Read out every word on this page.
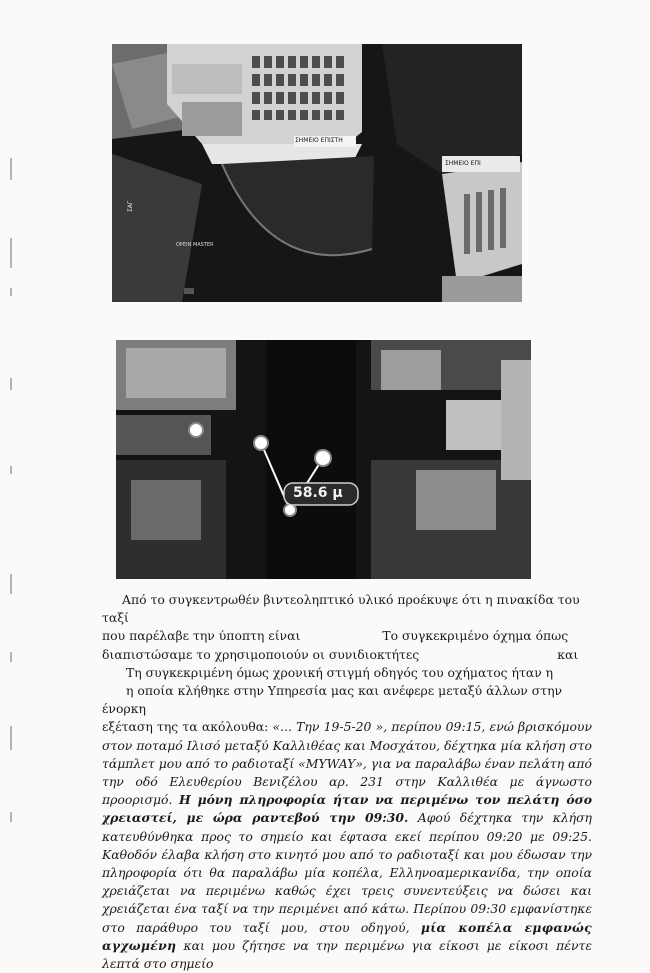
ΣΗΜΕΙΟ ΕΠΙΣΤΗ
ΣΗΜΕΙΟ ΕΠΙ
OPEIN MASTER
ΣΑΓ
58.6 μ

Από το συγκεντρωθέν βιντεοληπτικό υλικό προέκυψε ότι η πινακίδα του ταξί

που παρέλαβε την ύποπτη είναι	Το συγκεκριμένο όχημα όπως

διαπιστώσαμε το χρησιμοποιούν οι συνιδιοκτήτες	και

Τη συγκεκριμένη όμως χρονική στιγμή οδηγός του οχήματος ήταν η

η οποία κλήθηκε στην Υπηρεσία μας και ανέφερε μεταξύ άλλων στην ένορκη

εξέταση της τα ακόλουθα: «... Την 19-5-20 », περίπου 09:15, ενώ βρισκόμουν στον ποταμό Ιλισό μεταξύ Καλλιθέας και Μοσχάτου, δέχτηκα μία κλήση στο τάμπλετ μου από το ραδιοταξί «MYWAY», για να παραλάβω έναν πελάτη από την οδό Ελευθερίου Βενιζέλου αρ. 231 στην Καλλιθέα με άγνωστο προορισμό. Η μόνη πληροφορία ήταν να περιμένω τον πελάτη όσο χρειαστεί, με ώρα ραντεβού την 09:30. Αφού δέχτηκα την κλήση κατευθύνθηκα προς το σημείο και έφτασα εκεί περίπου 09:20 με 09:25. Καθοδόν έλαβα κλήση στο κινητό μου από το ραδιοταξί και μου έδωσαν την πληροφορία ότι θα παραλάβω μία κοπέλα, Ελληνοαμερικανίδα, την οποία χρειάζεται να περιμένω καθώς έχει τρεις συνεντεύξεις να δώσει και χρειάζεται ένα ταξί να την περιμένει από κάτω. Περίπου 09:30 εμφανίστηκε στο παράθυρο του ταξί μου, στου οδηγού, μία κοπέλα εμφανώς αγχωμένη και μου ζήτησε να την περιμένω για είκοσι με είκοσι πέντε λεπτά στο σημείο
